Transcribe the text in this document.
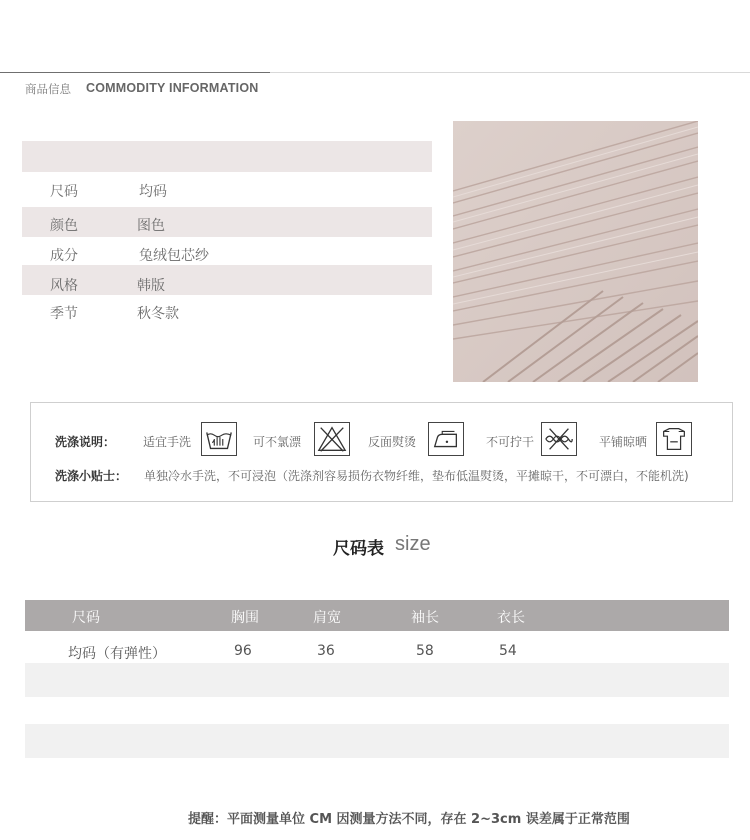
商品信息 COMMODITY INFORMATION
尺码	均码
颜色	图色
成分	兔绒包芯纱
风格	韩版
季节	秋冬款
洗涤说明： 适宜手洗	可不氯漂	反面熨烫	不可拧干	平铺晾晒
洗涤小贴士： 单独冷水手洗，不可浸泡（洗涤剂容易损伤衣物纤维，垫布低温熨烫，平摊晾干，不可漂白，不能机洗)
尺码表 size
尺码	胸围	肩宽	袖长	衣长
均码（有弹性）	96	36	58	54
提醒：平面测量单位 CM 因测量方法不同，存在 2~3cm 误差属于正常范围
